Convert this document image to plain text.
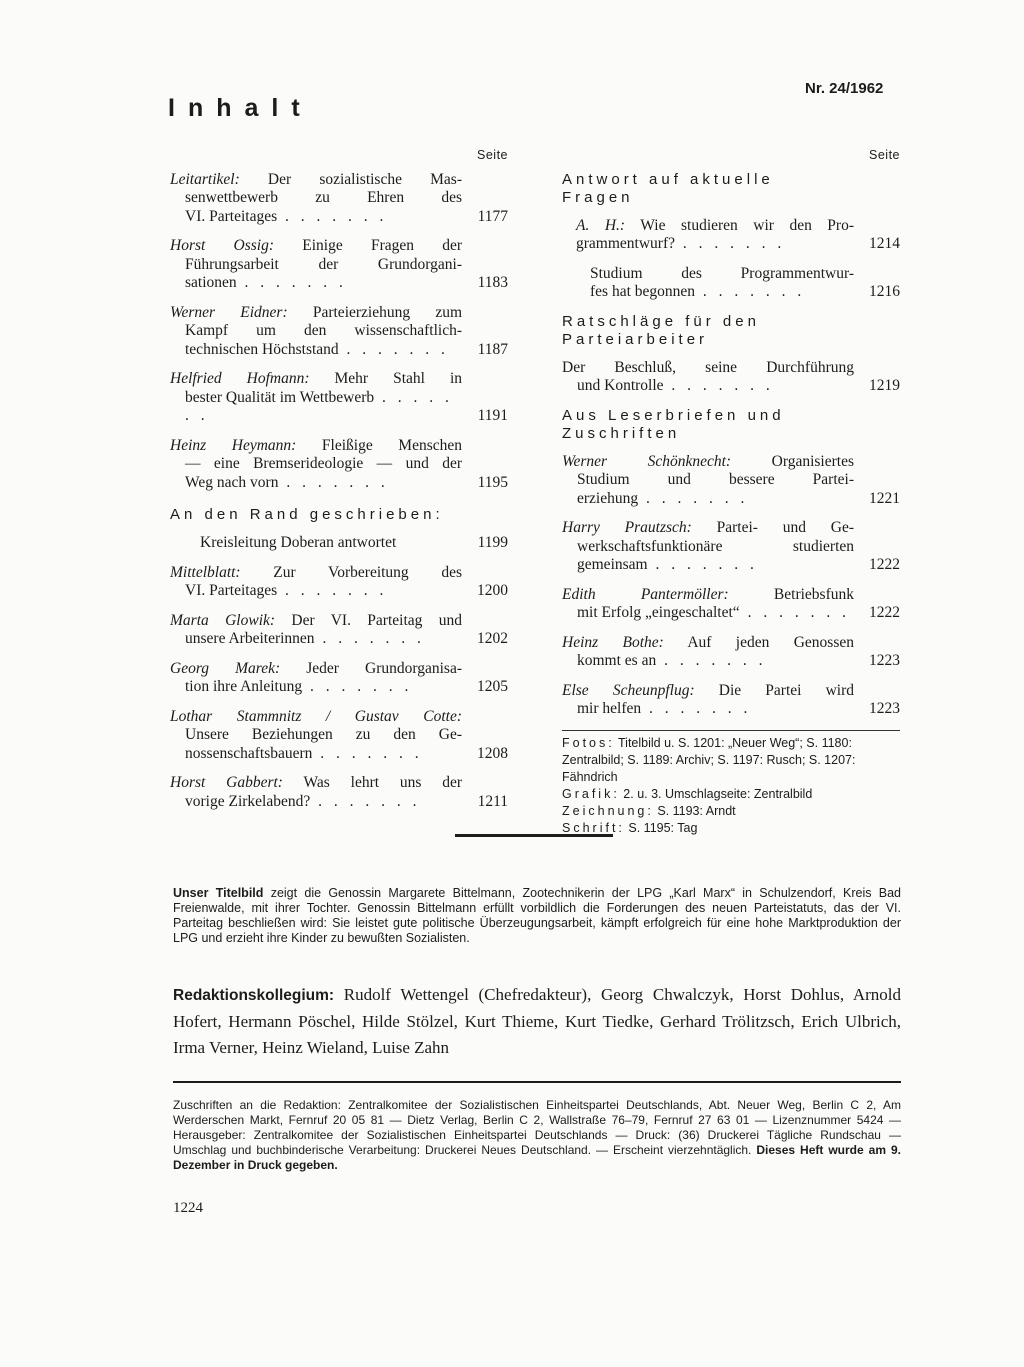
Nr. 24/1962
Inhalt
Seite
Leitartikel: Der sozialistische Mas-
senwettbewerb zu Ehren des
VI. Parteitages . . . . . . .	1177
Horst Ossig: Einige Fragen der
Führungsarbeit der Grundorgani-
sationen . . . . . . .	1183
Werner Eidner: Parteierziehung zum
Kampf um den wissenschaftlich-
technischen Höchststand . . . . . . .	1187
Helfried Hofmann: Mehr Stahl in
bester Qualität im Wettbewerb . . . . . . .	1191
Heinz Heymann: Fleißige Menschen
— eine Bremserideologie — und der
Weg nach vorn . . . . . . .	1195
An den Rand geschrieben:
Kreisleitung Doberan antwortet	1199
Mittelblatt: Zur Vorbereitung des
VI. Parteitages . . . . . . .	1200
Marta Glowik: Der VI. Parteitag und
unsere Arbeiterinnen . . . . . . .	1202
Georg Marek: Jeder Grundorganisa-
tion ihre Anleitung . . . . . . .	1205
Lothar Stammnitz / Gustav Cotte:
Unsere Beziehungen zu den Ge-
nossenschaftsbauern . . . . . . .	1208
Horst Gabbert: Was lehrt uns der
vorige Zirkelabend? . . . . . . .	1211
Seite
Antwort auf aktuelle
Fragen
A. H.: Wie studieren wir den Pro-
grammentwurf? . . . . . . .	1214
Studium des Programmentwur-
fes hat begonnen . . . . . . .	1216
Ratschläge für den
Parteiarbeiter
Der Beschluß, seine Durchführung
und Kontrolle . . . . . . .	1219
Aus Leserbriefen und
Zuschriften
Werner Schönknecht:	Organisiertes
Studium und bessere Partei-
erziehung . . . . . . .	1221
Harry Prautzsch: Partei- und Ge-
werkschaftsfunktionäre studierten
gemeinsam . . . . . . .	1222
Edith Pantermöller:	Betriebsfunk
mit Erfolg „eingeschaltet“ . . . . . . .	1222
Heinz Bothe: Auf jeden Genossen
kommt es an . . . . . . .	1223
Else Scheunpflug: Die Partei wird
mir helfen . . . . . . .	1223
Fotos: Titelbild u. S. 1201: „Neuer Weg“; S. 1180: Zentralbild; S. 1189: Archiv; S. 1197: Rusch; S. 1207: Fähndrich
Grafik: 2. u. 3. Umschlagseite: Zentralbild
Zeichnung: S. 1193: Arndt
Schrift: S. 1195: Tag
Unser Titelbild zeigt die Genossin Margarete Bittelmann, Zootechnikerin der LPG „Karl Marx“ in Schulzendorf, Kreis Bad Freienwalde, mit ihrer Tochter. Genossin Bittelmann erfüllt vorbildlich die Forderungen des neuen Parteistatuts, das der VI. Parteitag beschließen wird: Sie leistet gute politische Überzeugungsarbeit, kämpft erfolgreich für eine hohe Marktproduktion der LPG und erzieht ihre Kinder zu bewußten Sozialisten.
Redaktionskollegium: Rudolf Wettengel (Chefredakteur), Georg Chwalczyk, Horst Dohlus, Arnold Hofert, Hermann Pöschel, Hilde Stölzel, Kurt Thieme, Kurt Tiedke, Gerhard Trölitzsch, Erich Ulbrich, Irma Verner, Heinz Wieland, Luise Zahn
Zuschriften an die Redaktion: Zentralkomitee der Sozialistischen Einheitspartei Deutschlands, Abt. Neuer Weg, Berlin C 2, Am Werderschen Markt, Fernruf 20 05 81 — Dietz Verlag, Berlin C 2, Wallstraße 76–79, Fernruf 27 63 01 — Lizenznummer 5424 — Herausgeber: Zentralkomitee der Sozialistischen Einheitspartei Deutschlands — Druck: (36) Druckerei Tägliche Rundschau — Umschlag und buchbinderische Verarbeitung: Druckerei Neues Deutschland. — Erscheint vierzehntäglich. Dieses Heft wurde am 9. Dezember in Druck gegeben.
1224
